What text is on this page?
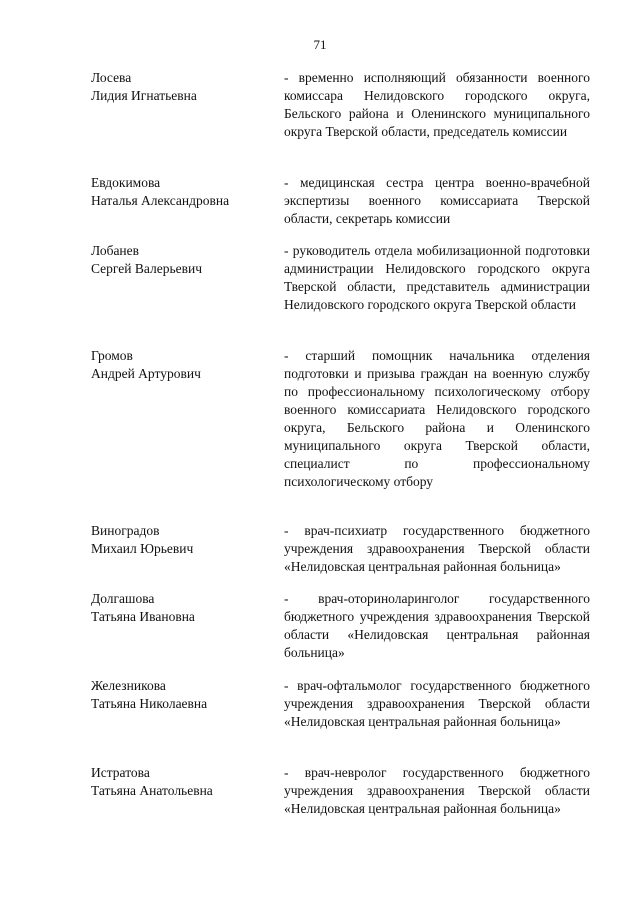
71
Лосева
Лидия Игнатьевна
- временно исполняющий обязанности военного комиссара Нелидовского городского округа, Бельского района и Оленинского муниципального округа Тверской области, председатель комиссии
Евдокимова
Наталья Александровна
- медицинская сестра центра военно-врачебной экспертизы военного комиссариата Тверской области, секретарь комиссии
Лобанев
Сергей Валерьевич
- руководитель отдела мобилизационной подготовки администрации Нелидовского городского округа Тверской области, представитель администрации Нелидовского городского округа Тверской области
Громов
Андрей Артурович
- старший помощник начальника отделения подготовки и призыва граждан на военную службу по профессиональному психологическому отбору военного комиссариата Нелидовского городского округа, Бельского района и Оленинского муниципального округа Тверской области, специалист по профессиональному психологическому отбору
Виноградов
Михаил Юрьевич
- врач-психиатр государственного бюджетного учреждения здравоохранения Тверской области «Нелидовская центральная районная больница»
Долгашова
Татьяна Ивановна
- врач-оториноларинголог государственного бюджетного учреждения здравоохранения Тверской области «Нелидовская центральная районная больница»
Железникова
Татьяна Николаевна
- врач-офтальмолог государственного бюджетного учреждения здравоохранения Тверской области «Нелидовская центральная районная больница»
Истратова
Татьяна Анатольевна
- врач-невролог государственного бюджетного учреждения здравоохранения Тверской области «Нелидовская центральная районная больница»
